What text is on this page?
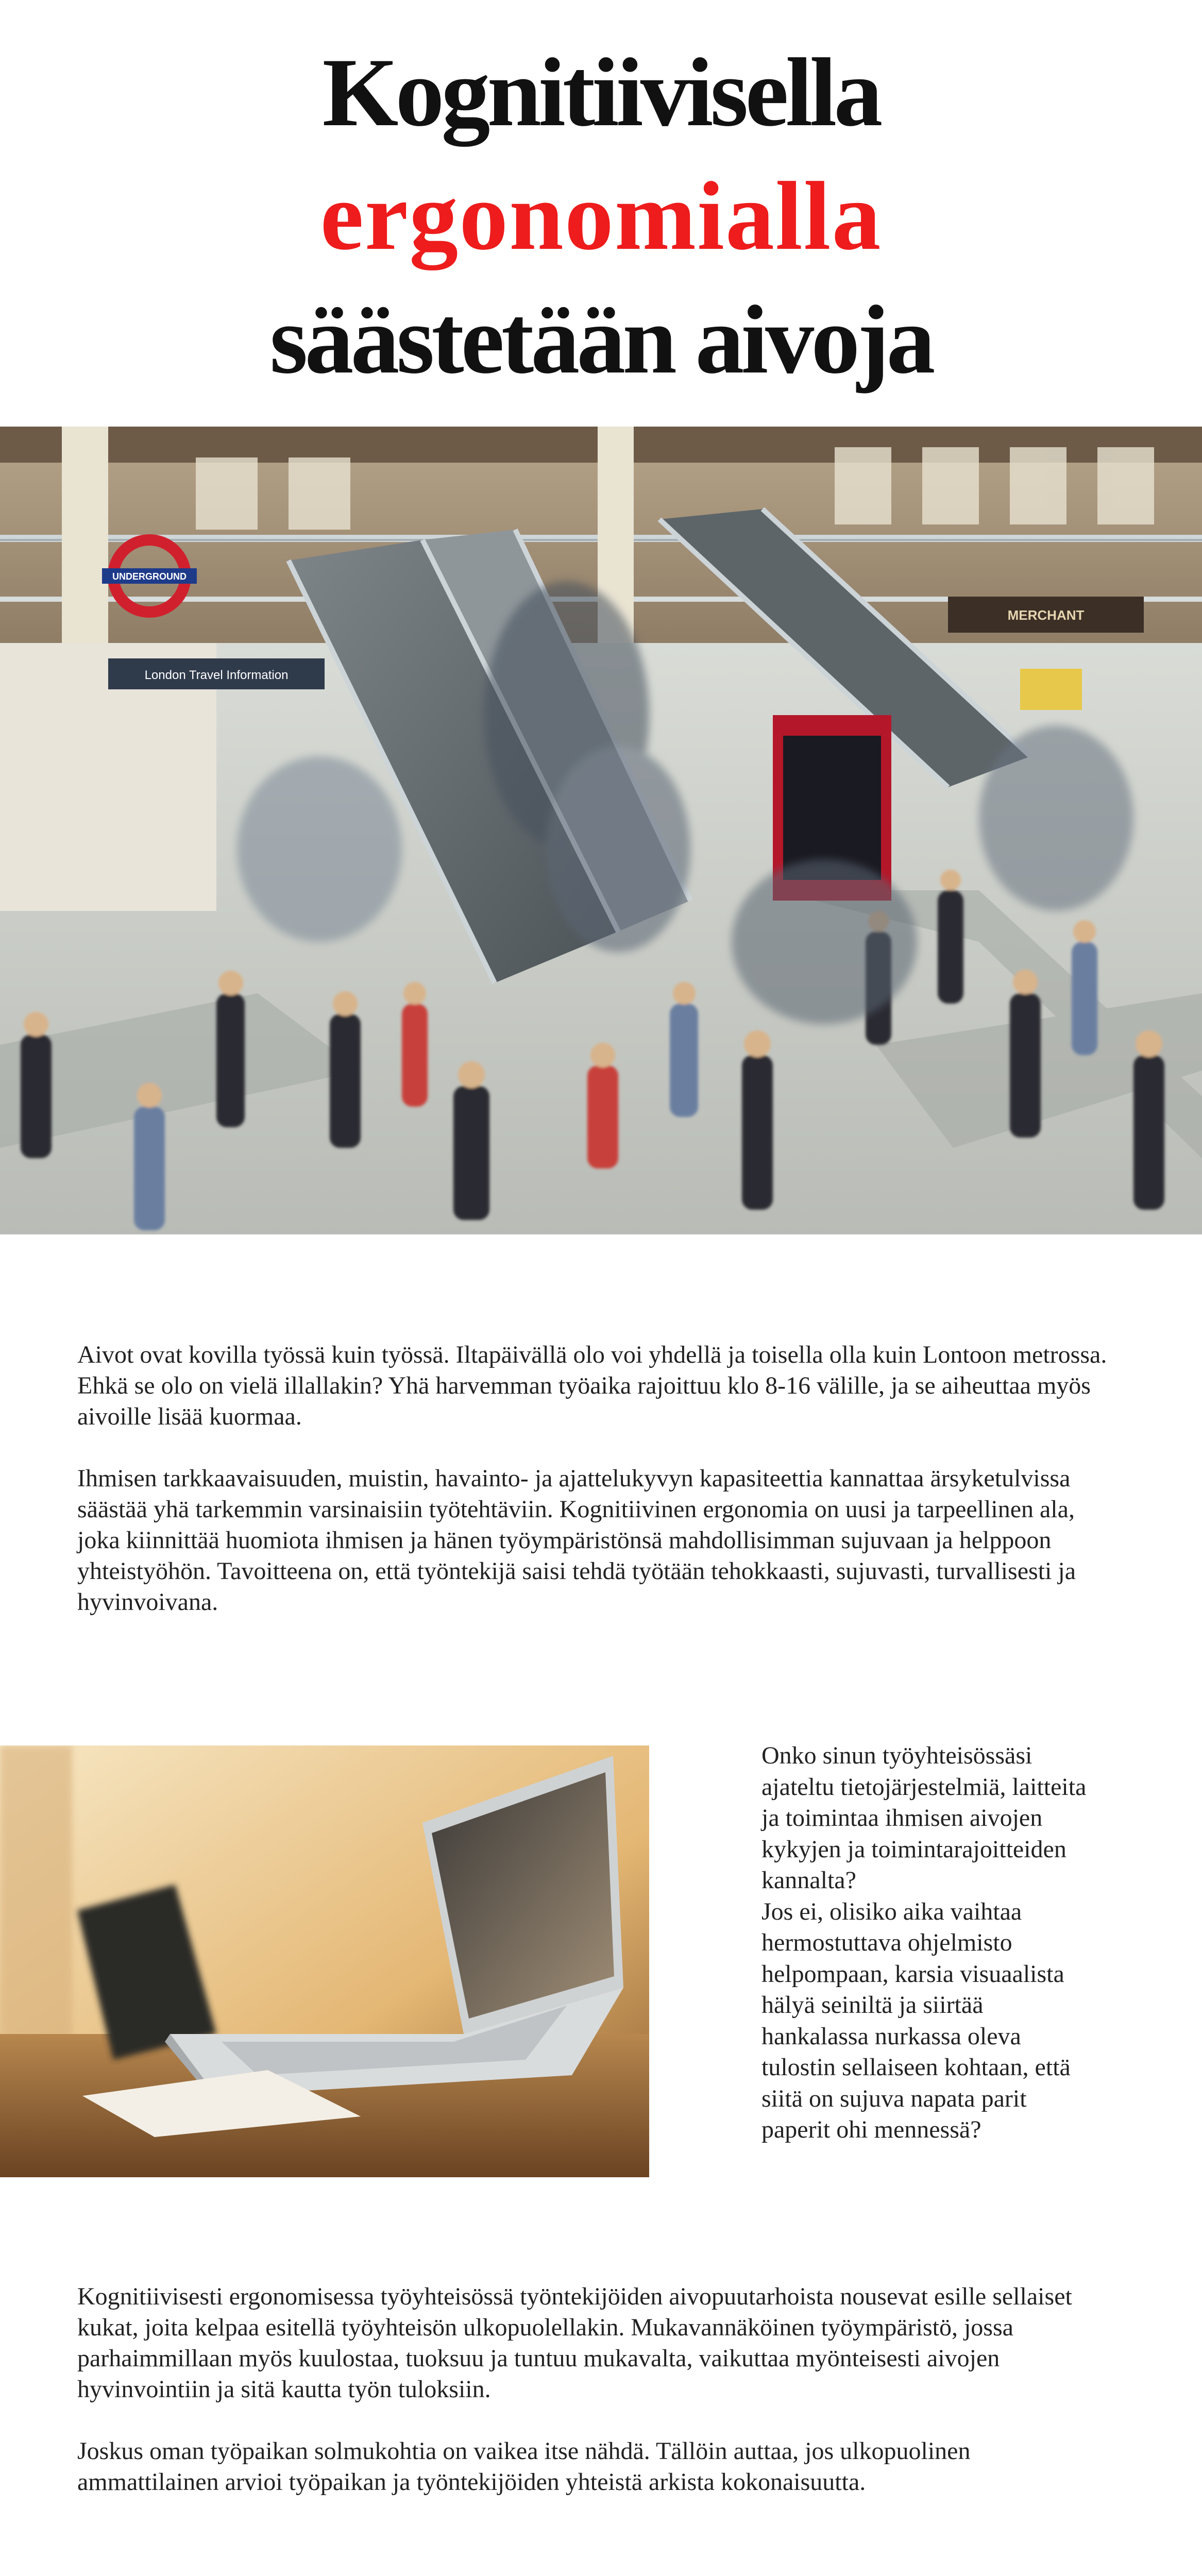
Kognitiivisella
ergonomialla
säästetään aivoja
UNDERGROUND
London Travel Information
MERCHANT

Aivot ovat kovilla työssä kuin työssä. Iltapäivällä olo voi yhdellä ja toisella olla kuin Lontoon metrossa. Ehkä se olo on vielä illallakin? Yhä harvemman työaika rajoittuu klo 8-16 välille, ja se aiheuttaa myös aivoille lisää kuormaa.

Ihmisen tarkkaavaisuuden, muistin, havainto- ja ajattelukyvyn kapasiteettia kannattaa ärsyketulvissa säästää yhä tarkemmin varsinaisiin työtehtäviin. Kognitiivinen ergonomia on uusi ja tarpeellinen ala, joka kiinnittää huomiota ihmisen ja hänen työympäristönsä mahdollisimman sujuvaan ja helppoon yhteistyöhön. Tavoitteena on, että työntekijä saisi tehdä työtään tehokkaasti, sujuvasti, turvallisesti ja hyvinvoivana.

Onko sinun työyhteisössäsi ajateltu tietojärjestelmiä, laitteita ja toimintaa ihmisen aivojen kykyjen ja toimintarajoitteiden kannalta?

Jos ei, olisiko aika vaihtaa hermostuttava ohjelmisto helpompaan, karsia visuaalista hälyä seiniltä ja siirtää hankalassa nurkassa oleva tulostin sellaiseen kohtaan, että siitä on sujuva napata parit paperit ohi mennessä?

Kognitiivisesti ergonomisessa työyhteisössä työntekijöiden aivopuutarhoista nousevat esille sellaiset kukat, joita kelpaa esitellä työyhteisön ulkopuolellakin. Mukavannäköinen työympäristö, jossa parhaimmillaan myös kuulostaa, tuoksuu ja tuntuu mukavalta, vaikuttaa myönteisesti aivojen hyvinvointiin ja sitä kautta työn tuloksiin.

Joskus oman työpaikan solmukohtia on vaikea itse nähdä. Tällöin auttaa, jos ulkopuolinen ammattilainen arvioi työpaikan ja työntekijöiden yhteistä arkista kokonaisuutta.
